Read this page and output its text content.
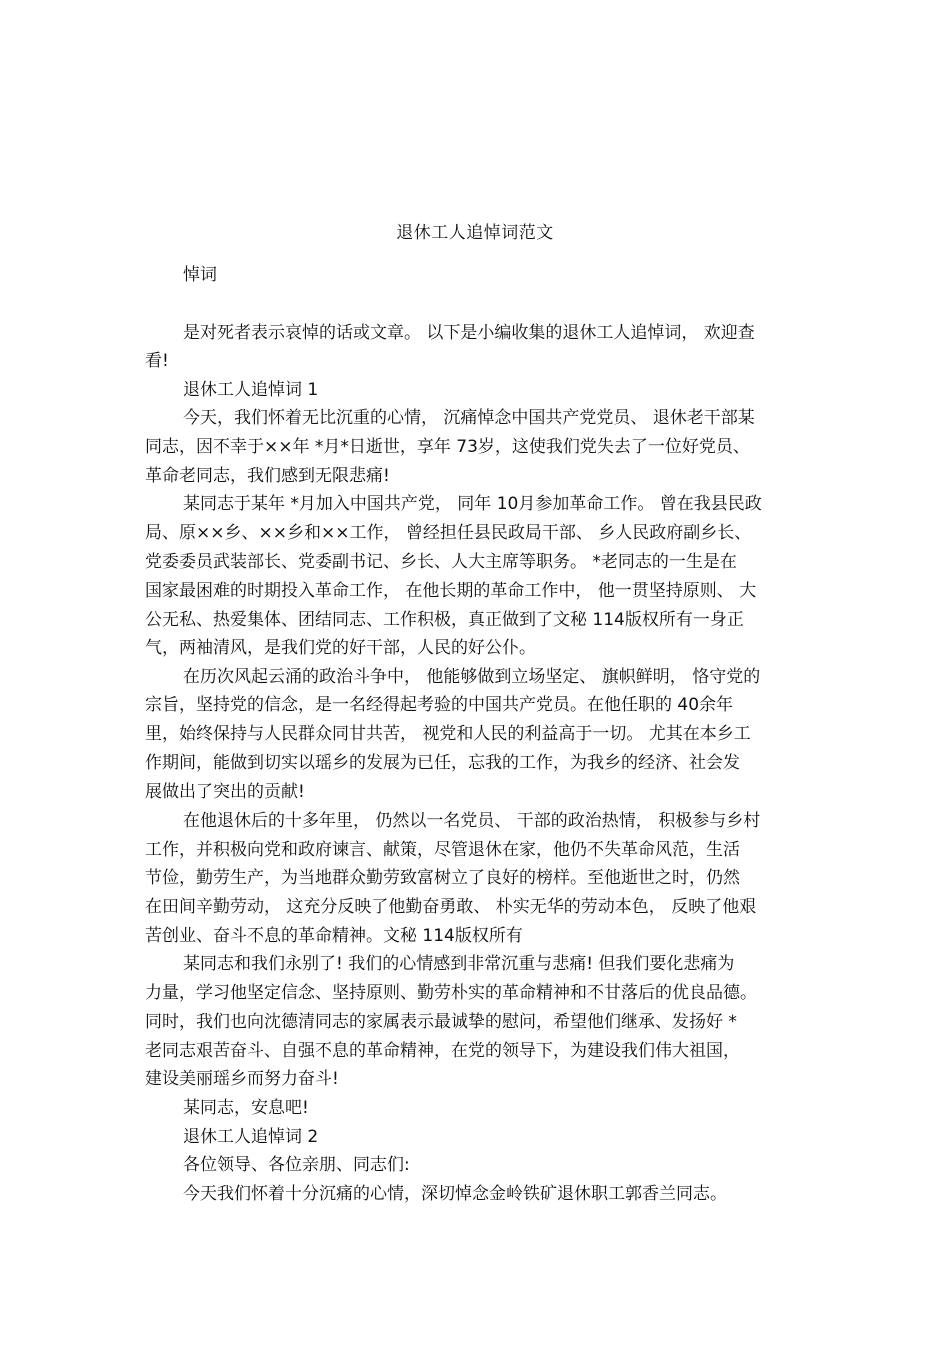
退休工人追悼词范文
悼词
是对死者表示哀悼的话或文章。 以下是小编收集的退休工人追悼词， 欢迎查
看!
退休工人追悼词 1
今天，我们怀着无比沉重的心情， 沉痛悼念中国共产党党员、 退休老干部某
同志，因不幸于××年 *月*日逝世，享年 73岁，这使我们党失去了一位好党员、
革命老同志，我们感到无限悲痛!
某同志于某年 *月加入中国共产党， 同年 10月参加革命工作。 曾在我县民政
局、原××乡、××乡和××工作， 曾经担任县民政局干部、 乡人民政府副乡长、
党委委员武装部长、党委副书记、乡长、人大主席等职务。 *老同志的一生是在
国家最困难的时期投入革命工作， 在他长期的革命工作中， 他一贯坚持原则、 大
公无私、热爱集体、团结同志、工作积极，真正做到了文秘 114版权所有一身正
气，两袖清风，是我们党的好干部，人民的好公仆。
在历次风起云涌的政治斗争中， 他能够做到立场坚定、 旗帜鲜明， 恪守党的
宗旨，坚持党的信念，是一名经得起考验的中国共产党员。在他任职的 40余年
里，始终保持与人民群众同甘共苦， 视党和人民的利益高于一切。 尤其在本乡工
作期间，能做到切实以瑶乡的发展为已任，忘我的工作，为我乡的经济、社会发
展做出了突出的贡献!
在他退休后的十多年里， 仍然以一名党员、 干部的政治热情， 积极参与乡村
工作，并积极向党和政府谏言、献策，尽管退休在家，他仍不失革命风范，生活
节俭，勤劳生产，为当地群众勤劳致富树立了良好的榜样。至他逝世之时，仍然
在田间辛勤劳动， 这充分反映了他勤奋勇敢、 朴实无华的劳动本色， 反映了他艰
苦创业、奋斗不息的革命精神。文秘 114版权所有
某同志和我们永别了! 我们的心情感到非常沉重与悲痛! 但我们要化悲痛为
力量，学习他坚定信念、坚持原则、勤劳朴实的革命精神和不甘落后的优良品德。
同时，我们也向沈德清同志的家属表示最诚挚的慰问，希望他们继承、发扬好 *
老同志艰苦奋斗、自强不息的革命精神，在党的领导下，为建设我们伟大祖国，
建设美丽瑶乡而努力奋斗!
某同志，安息吧!
退休工人追悼词 2
各位领导、各位亲朋、同志们:
今天我们怀着十分沉痛的心情，深切悼念金岭铁矿退休职工郭香兰同志。
